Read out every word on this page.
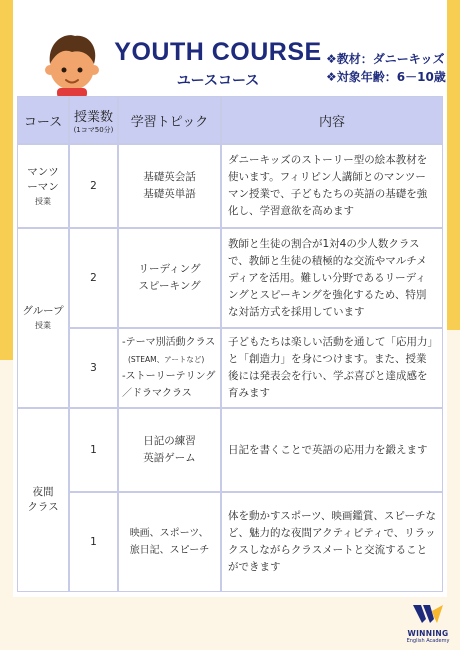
YOUTH COURSE
ユースコース
❖教材：ダニーキッズ
❖対象年齢：6－10歳
コース 授業数
(1コマ50分) 学習トピック	内容
マンツーマン
授業
2
基礎英会話
基礎英単語
ダニーキッズのストーリー型の絵本教材を使います。フィリピン人講師とのマンツーマン授業で、子どもたちの英語の基礎を強化し、学習意欲を高めます
グループ
授業
2
リーディング
スピーキング
教師と生徒の割合が1対4の少人数クラスで、教師と生徒の積極的な交流やマルチメディアを活用。難しい分野であるリーディングとスピーキングを強化するため、特別な対話方式を採用しています
3
-テーマ別活動クラス
(STEAM、アートなど)
-ストーリーテリング／ドラマクラス
子どもたちは楽しい活動を通して「応用力」と「創造力」を身につけます。また、授業後には発表会を行い、学ぶ喜びと達成感を育みます
夜間
クラス
1
日記の練習
英語ゲーム
日記を書くことで英語の応用力を鍛えます
1
映画、スポーツ、
旅日記、スピーチ
体を動かすスポーツ、映画鑑賞、スピーチなど、魅力的な夜間アクティビティで、リラックスしながらクラスメートと交流することができます
WINNING
English Academy
